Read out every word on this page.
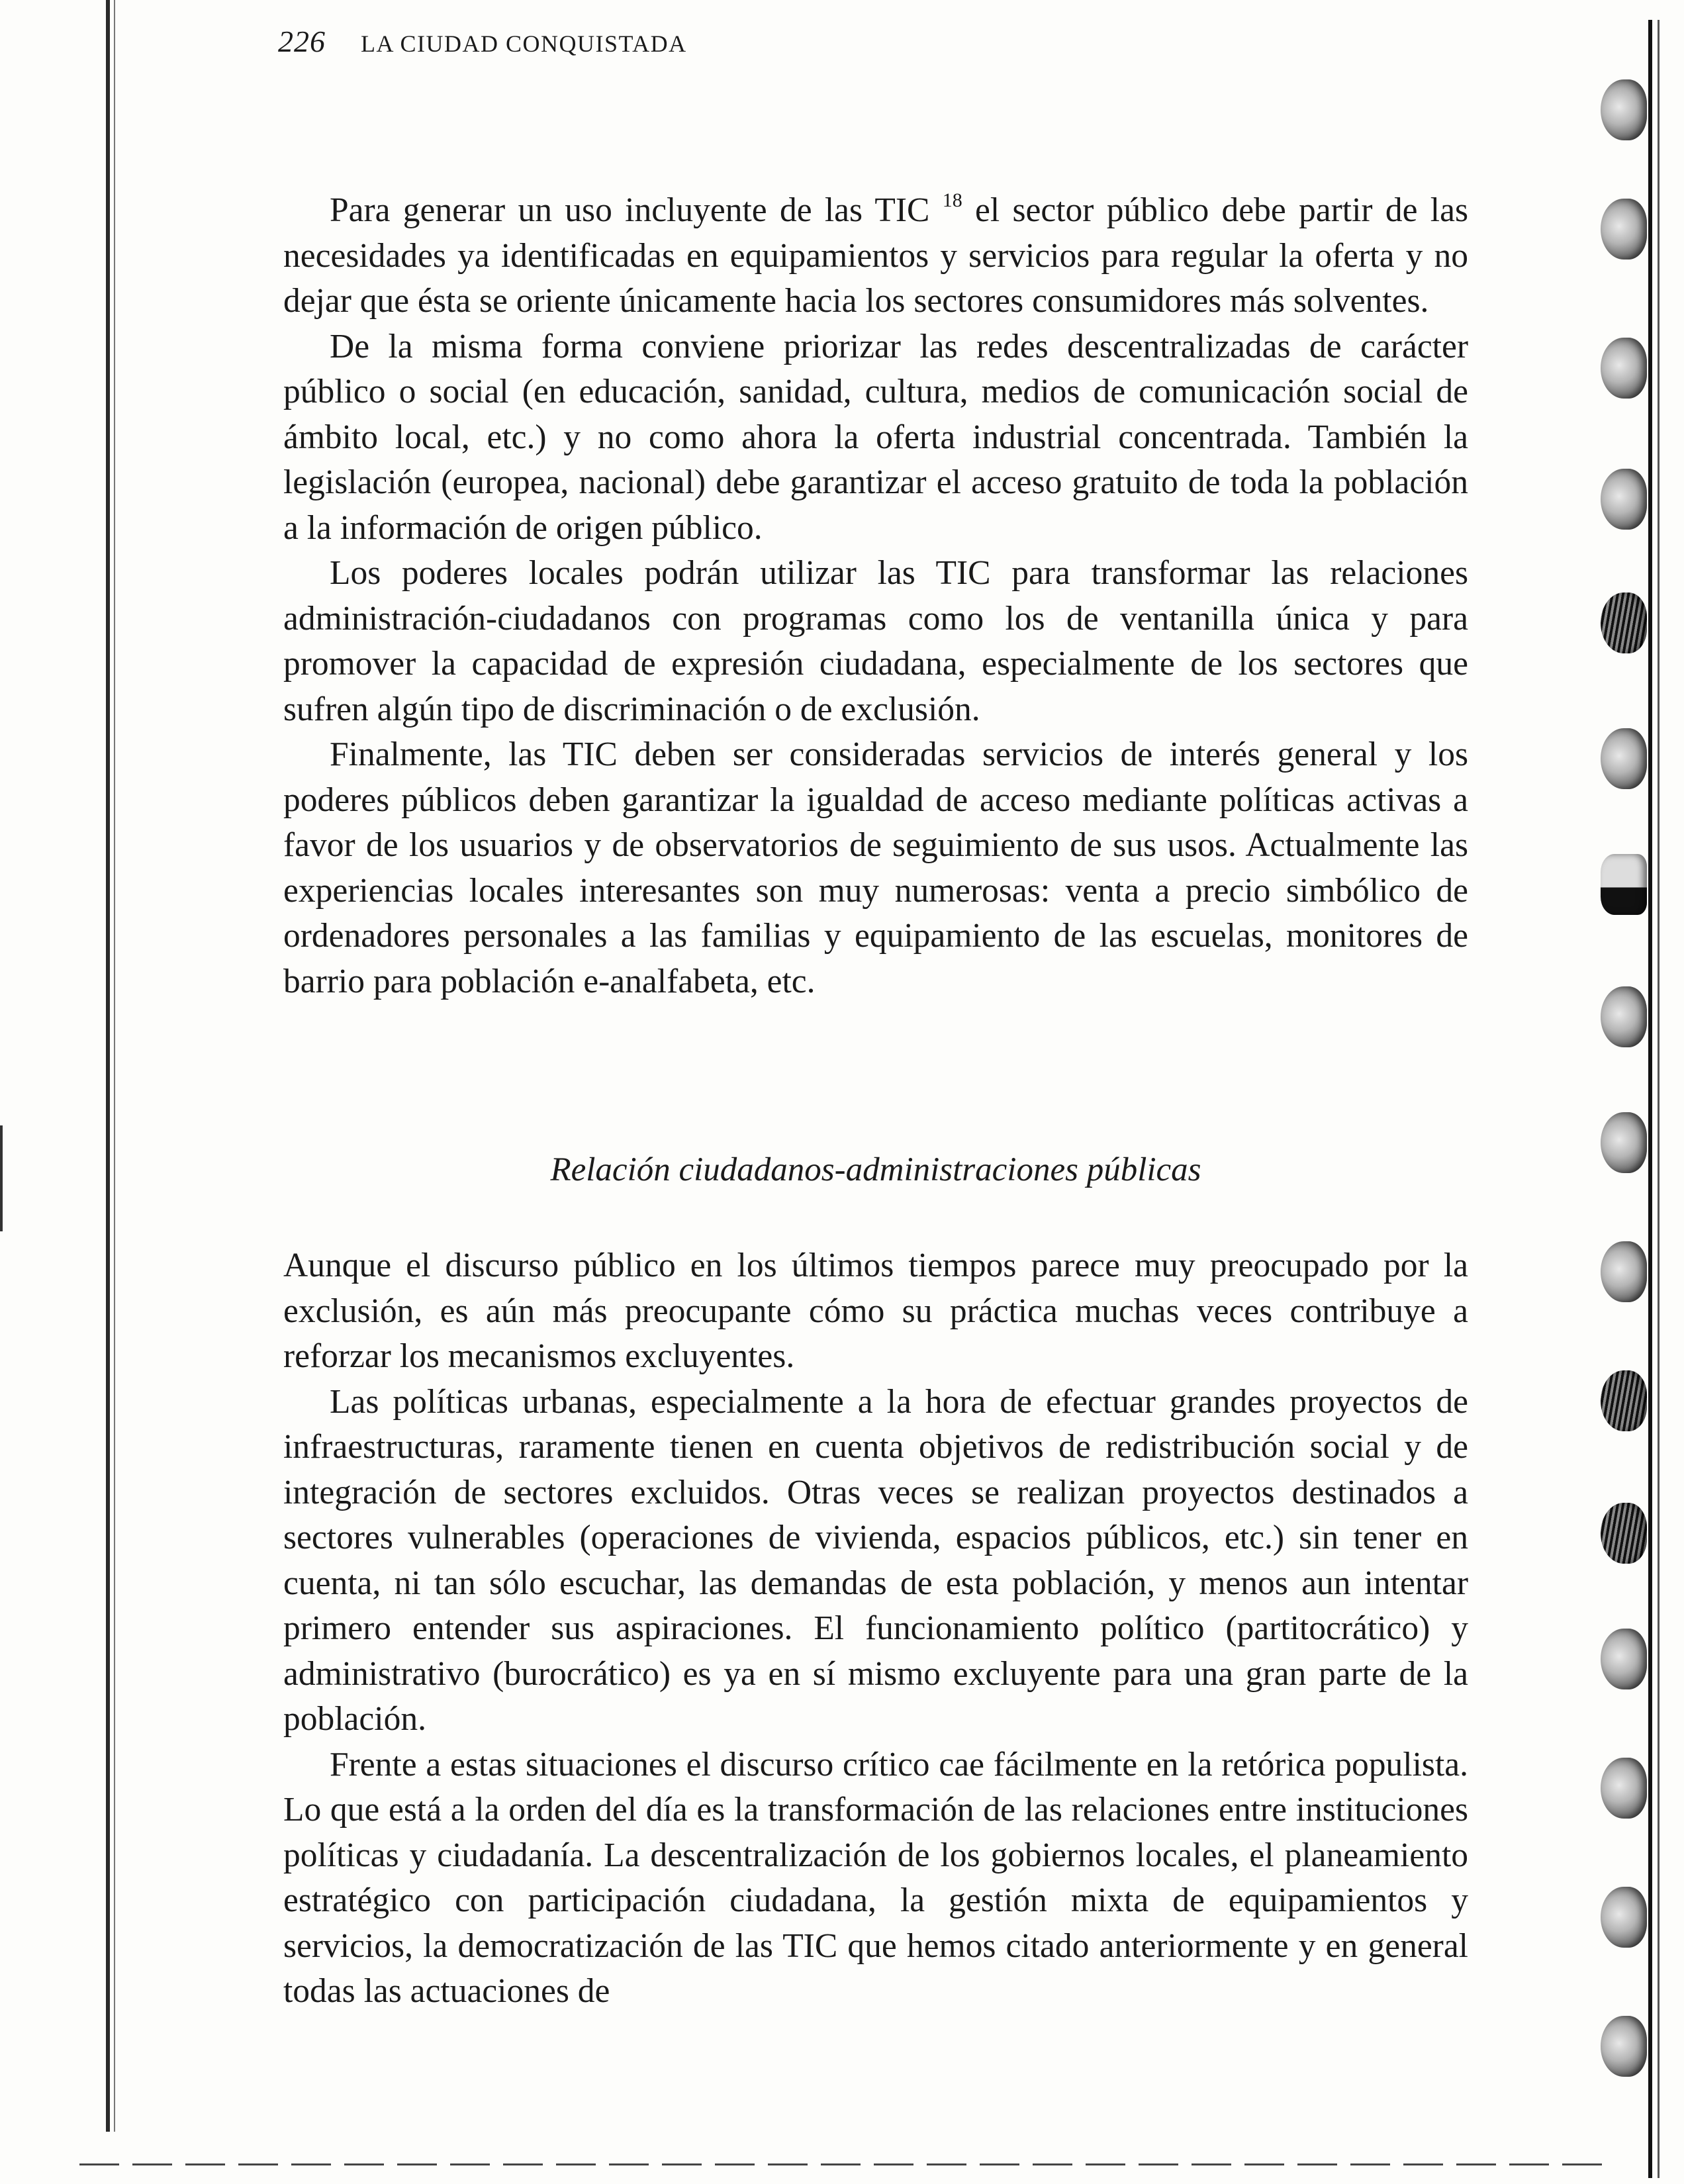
226 LA CIUDAD CONQUISTADA

Para generar un uso incluyente de las TIC $^{18}$ el sector público debe partir de las necesidades ya identificadas en equipamientos y servicios para regular la oferta y no dejar que ésta se oriente únicamente hacia los sectores consumidores más solventes.

De la misma forma conviene priorizar las redes descentralizadas de carácter público o social (en educación, sanidad, cultura, medios de comunicación social de ámbito local, etc.) y no como ahora la oferta industrial concentrada. También la legislación (europea, nacional) debe garantizar el acceso gratuito de toda la población a la información de origen público.

Los poderes locales podrán utilizar las TIC para transformar las relaciones administración-ciudadanos con programas como los de ventanilla única y para promover la capacidad de expresión ciudadana, especialmente de los sectores que sufren algún tipo de discriminación o de exclusión.

Finalmente, las TIC deben ser consideradas servicios de interés general y los poderes públicos deben garantizar la igualdad de acceso mediante políticas activas a favor de los usuarios y de observatorios de seguimiento de sus usos. Actualmente las experiencias locales interesantes son muy numerosas: venta a precio simbólico de ordenadores personales a las familias y equipamiento de las escuelas, monitores de barrio para población e-analfabeta, etc.

Relación ciudadanos-administraciones públicas

Aunque el discurso público en los últimos tiempos parece muy preocupado por la exclusión, es aún más preocupante cómo su práctica muchas veces contribuye a reforzar los mecanismos excluyentes.

Las políticas urbanas, especialmente a la hora de efectuar grandes proyectos de infraestructuras, raramente tienen en cuenta objetivos de redistribución social y de integración de sectores excluidos. Otras veces se realizan proyectos destinados a sectores vulnerables (operaciones de vivienda, espacios públicos, etc.) sin tener en cuenta, ni tan sólo escuchar, las demandas de esta población, y menos aun intentar primero entender sus aspiraciones. El funcionamiento político (partitocrático) y administrativo (burocrático) es ya en sí mismo excluyente para una gran parte de la población.

Frente a estas situaciones el discurso crítico cae fácilmente en la retórica populista. Lo que está a la orden del día es la transformación de las relaciones entre instituciones políticas y ciudadanía. La descentralización de los gobiernos locales, el planeamiento estratégico con participación ciudadana, la gestión mixta de equipamientos y servicios, la democratización de las TIC que hemos citado anteriormente y en general todas las actuaciones de
